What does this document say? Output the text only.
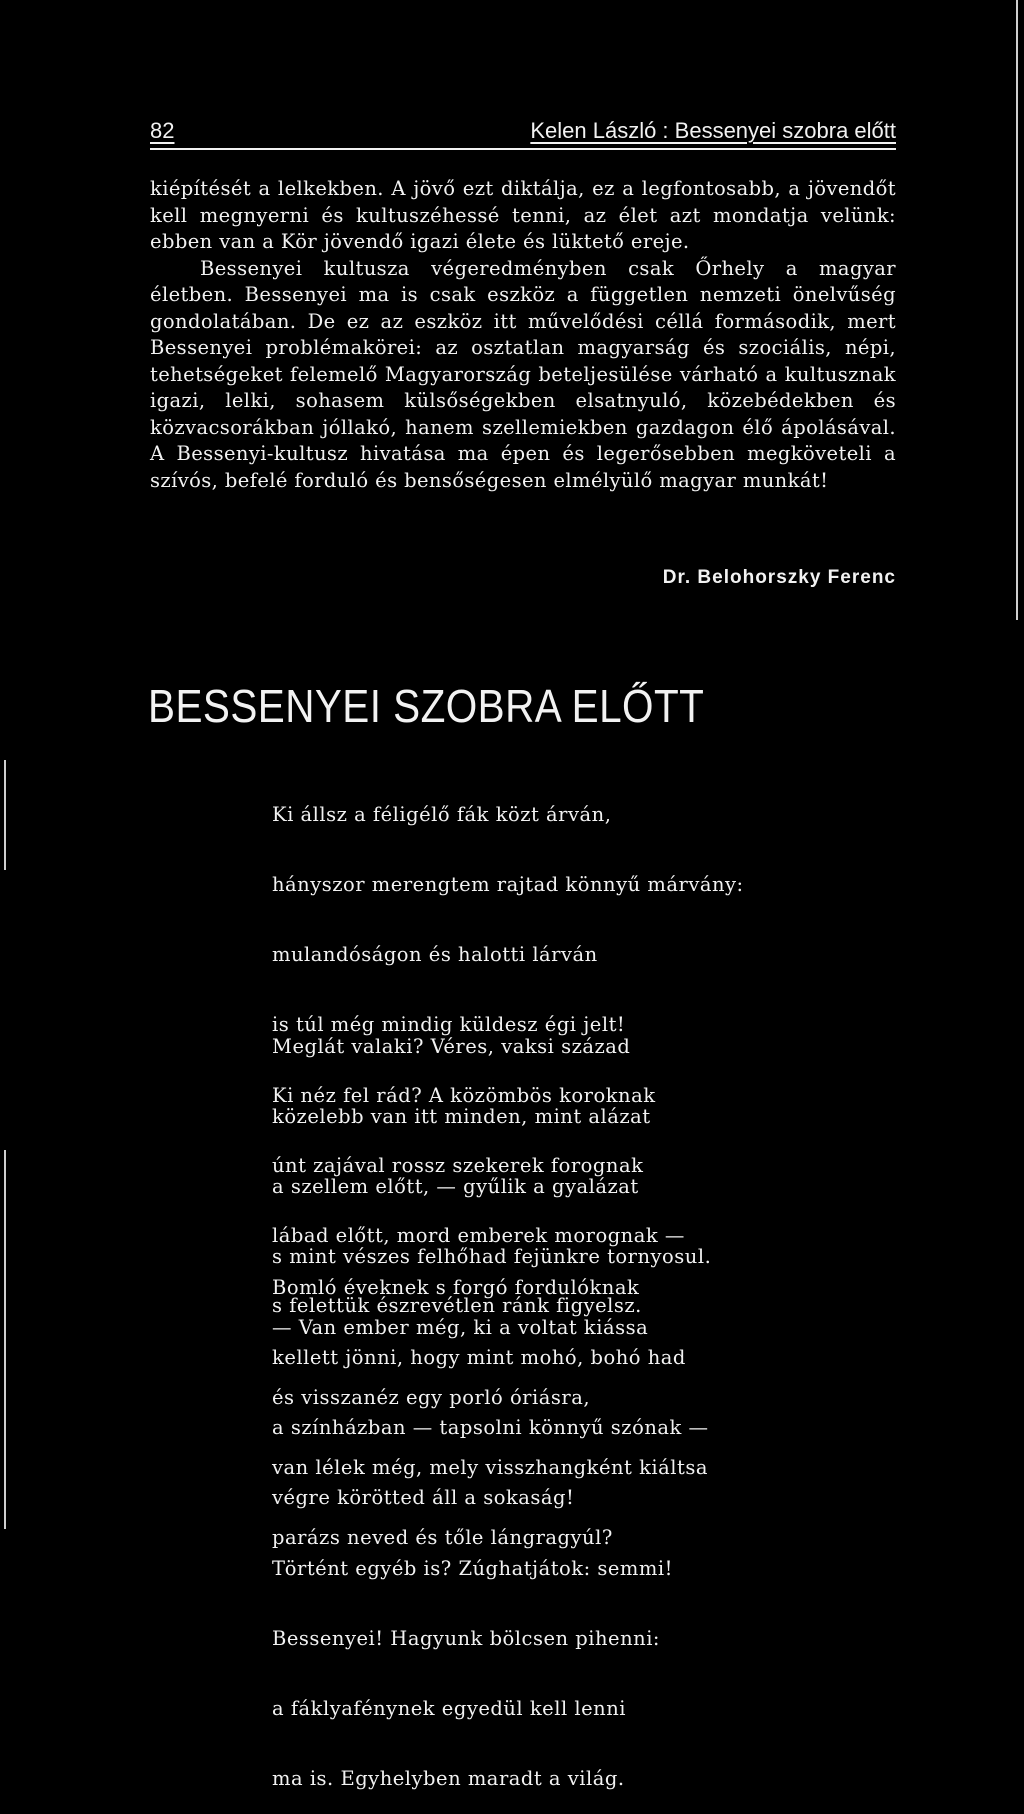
82	Kelen László : Bessenyei szobra előtt

kiépítését a lelkekben. A jövő ezt diktálja, ez a legfontosabb, a jövendőt kell megnyerni és kultuszéhessé tenni, az élet azt mondatja velünk: ebben van a Kör jövendő igazi élete és lüktető ereje.

Bessenyei kultusza végeredményben csak Őrhely a magyar életben. Bessenyei ma is csak eszköz a független nemzeti önelvűség gondolatában. De ez az eszköz itt művelődési céllá formásodik, mert Bessenyei problémakörei: az osztatlan magyarság és szociális, népi, tehetségeket felemelő Magyarország beteljesülése várható a kultusznak igazi, lelki, sohasem külsőségekben elsatnyuló, közebédekben és közvacsorákban jóllakó, hanem szellemiekben gazdagon élő ápolásával. A Bessenyi-kultusz hivatása ma épen és legerősebben megköveteli a szívós, befelé forduló és bensőségesen elmélyülő magyar munkát!

Dr. Belohorszky Ferenc
BESSENYEI SZOBRA ELŐTT

Ki állsz a féligélő fák közt árván,

hányszor merengtem rajtad könnyű márvány:

mulandóságon és halotti lárván

is túl még mindig küldesz égi jelt!

Ki néz fel rád? A közömbös koroknak

únt zajával rossz szekerek forognak

lábad előtt, mord emberek morognak —

s felettük észrevétlen ránk figyelsz.

Meglát valaki? Véres, vaksi század

közelebb van itt minden, mint alázat

a szellem előtt, — gyűlik a gyalázat

s mint vészes felhőhad fejünkre tornyosul.

— Van ember még, ki a voltat kiássa

és visszanéz egy porló óriásra,

van lélek még, mely visszhangként kiáltsa

parázs neved és tőle lángragyúl?

Bomló éveknek s forgó fordulóknak

kellett jönni, hogy mint mohó, bohó had

a színházban — tapsolni könnyű szónak —

végre körötted áll a sokaság!

Történt egyéb is? Zúghatjátok: semmi!

Bessenyei! Hagyunk bölcsen pihenni:

a fáklyafénynek egyedül kell lenni

ma is. Egyhelyben maradt a világ.
